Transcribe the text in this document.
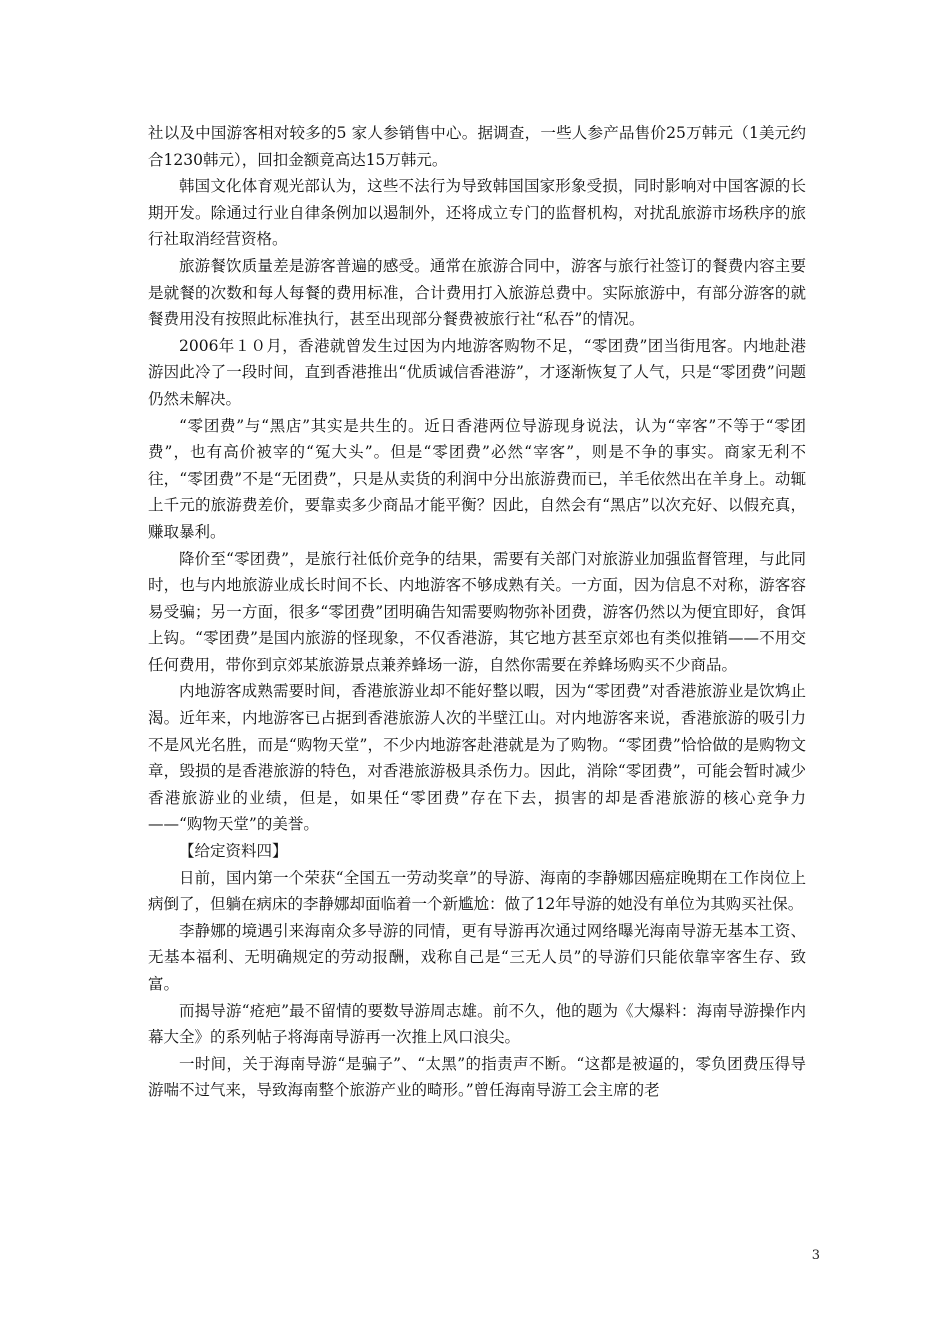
社以及中国游客相对较多的5 家人参销售中心。据调查，一些人参产品售价25万韩元（1美元约合1230韩元），回扣金额竟高达15万韩元。

韩国文化体育观光部认为，这些不法行为导致韩国国家形象受损，同时影响对中国客源的长期开发。除通过行业自律条例加以遏制外，还将成立专门的监督机构，对扰乱旅游市场秩序的旅行社取消经营资格。

旅游餐饮质量差是游客普遍的感受。通常在旅游合同中，游客与旅行社签订的餐费内容主要是就餐的次数和每人每餐的费用标准，合计费用打入旅游总费中。实际旅游中，有部分游客的就餐费用没有按照此标准执行，甚至出现部分餐费被旅行社“私吞”的情况。

2006年１０月，香港就曾发生过因为内地游客购物不足，“零团费”团当街甩客。内地赴港游因此冷了一段时间，直到香港推出“优质诚信香港游”，才逐渐恢复了人气，只是“零团费”问题仍然未解决。

“零团费”与“黑店”其实是共生的。近日香港两位导游现身说法，认为“宰客”不等于“零团费”，也有高价被宰的“冤大头”。但是“零团费”必然“宰客”，则是不争的事实。商家无利不往，“零团费”不是“无团费”，只是从卖货的利润中分出旅游费而已，羊毛依然出在羊身上。动辄上千元的旅游费差价，要靠卖多少商品才能平衡？因此，自然会有“黑店”以次充好、以假充真，赚取暴利。

降价至“零团费”，是旅行社低价竞争的结果，需要有关部门对旅游业加强监督管理，与此同时，也与内地旅游业成长时间不长、内地游客不够成熟有关。一方面，因为信息不对称，游客容易受骗；另一方面，很多“零团费”团明确告知需要购物弥补团费，游客仍然以为便宜即好，食饵上钩。“零团费”是国内旅游的怪现象，不仅香港游，其它地方甚至京郊也有类似推销——不用交任何费用，带你到京郊某旅游景点兼养蜂场一游，自然你需要在养蜂场购买不少商品。

内地游客成熟需要时间，香港旅游业却不能好整以暇，因为“零团费”对香港旅游业是饮鸩止渴。近年来，内地游客已占据到香港旅游人次的半壁江山。对内地游客来说，香港旅游的吸引力不是风光名胜，而是“购物天堂”，不少内地游客赴港就是为了购物。“零团费”恰恰做的是购物文章，毁损的是香港旅游的特色，对香港旅游极具杀伤力。因此，消除“零团费”，可能会暂时减少香港旅游业的业绩，但是，如果任“零团费”存在下去，损害的却是香港旅游的核心竞争力——“购物天堂”的美誉。

【给定资料四】

日前，国内第一个荣获“全国五一劳动奖章”的导游、海南的李静娜因癌症晚期在工作岗位上病倒了，但躺在病床的李静娜却面临着一个新尴尬：做了12年导游的她没有单位为其购买社保。

李静娜的境遇引来海南众多导游的同情，更有导游再次通过网络曝光海南导游无基本工资、无基本福利、无明确规定的劳动报酬，戏称自己是“三无人员”的导游们只能依靠宰客生存、致富。

而揭导游“疮疤”最不留情的要数导游周志雄。前不久，他的题为《大爆料：海南导游操作内幕大全》的系列帖子将海南导游再一次推上风口浪尖。

一时间，关于海南导游“是骗子”、“太黑”的指责声不断。“这都是被逼的，零负团费压得导游喘不过气来，导致海南整个旅游产业的畸形。”曾任海南导游工会主席的老

3
